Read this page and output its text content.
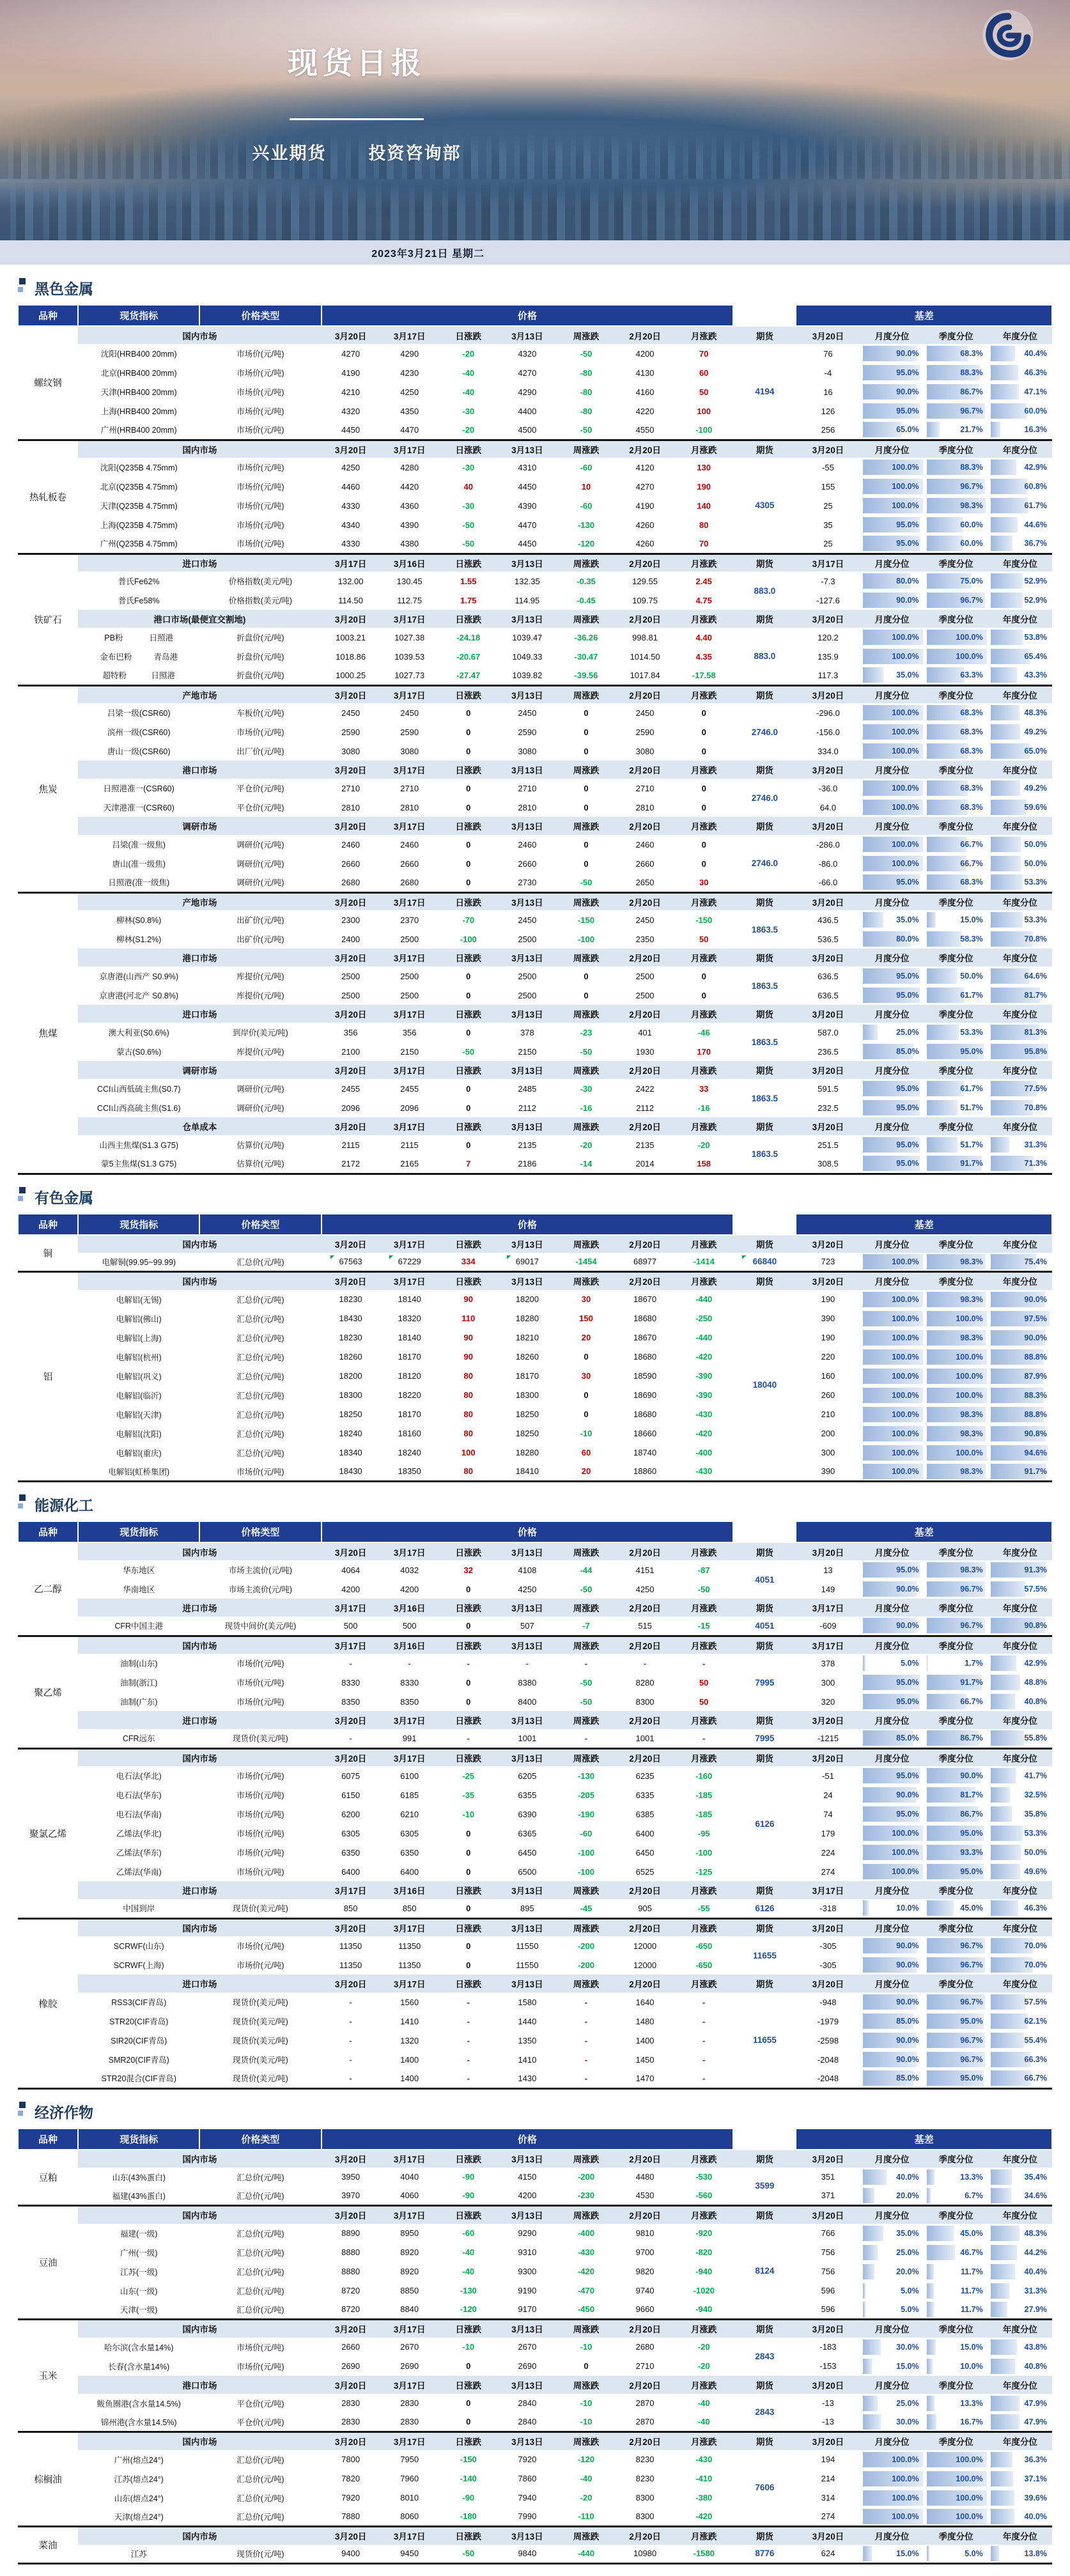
现货日报
兴业期货 投资咨询部
2023年3月21日 星期二
黑色金属
品种	现货指标	价格类型	价格								基差			
螺纹钢	国内市场		3月20日	3月17日	日涨跌	3月13日	周涨跌	2月20日	月涨跌	期货	3月20日	月度分位	季度分位	年度分位
	沈阳(HRB400 20mm)	市场价(元/吨)	4270	4290	-20	4320	-50	4200	70	4194	76	90.0%	68.3%	40.4%

	北京(HRB400 20mm)	市场价(元/吨)	4190	4230	-40	4270	-80	4130	60		-4	95.0%	88.3%	46.3%

	天津(HRB400 20mm)	市场价(元/吨)	4210	4250	-40	4290	-80	4160	50		16	90.0%	86.7%	47.1%

	上海(HRB400 20mm)	市场价(元/吨)	4320	4350	-30	4400	-80	4220	100		126	95.0%	96.7%	60.0%

	广州(HRB400 20mm)	市场价(元/吨)	4450	4470	-20	4500	-50	4550	-100		256	65.0%	21.7%	16.3%

热轧板卷	国内市场		3月20日	3月17日	日涨跌	3月13日	周涨跌	2月20日	月涨跌	期货	3月20日	月度分位	季度分位	年度分位
	沈阳(Q235B 4.75mm)	市场价(元/吨)	4250	4280	-30	4310	-60	4120	130	4305	-55	100.0%	88.3%	42.9%

	北京(Q235B 4.75mm)	市场价(元/吨)	4460	4420	40	4450	10	4270	190		155	100.0%	96.7%	60.8%

	天津(Q235B 4.75mm)	市场价(元/吨)	4330	4360	-30	4390	-60	4190	140		25	100.0%	98.3%	61.7%

	上海(Q235B 4.75mm)	市场价(元/吨)	4340	4390	-50	4470	-130	4260	80		35	95.0%	60.0%	44.6%

	广州(Q235B 4.75mm)	市场价(元/吨)	4330	4380	-50	4450	-120	4260	70		25	95.0%	60.0%	36.7%

铁矿石	进口市场		3月17日	3月16日	日涨跌	3月13日	周涨跌	2月20日	月涨跌	期货	3月17日	月度分位	季度分位	年度分位
	普氏Fe62%	价格指数(美元/吨)	132.00	130.45	1.55	132.35	-0.35	129.55	2.45	883.0	-7.3	80.0%	75.0%	52.9%

	普氏Fe58%	价格指数(美元/吨)	114.50	112.75	1.75	114.95	-0.45	109.75	4.75		-127.6	90.0%	96.7%	52.9%

	港口市场(最便宜交割地)		3月20日	3月17日	日涨跌	3月13日	周涨跌	2月20日	月涨跌	期货	3月20日	月度分位	季度分位	年度分位

	PB粉 日照港	折盘价(元/吨)	1003.21	1027.38	-24.18	1039.47	-36.26	998.81	4.40	883.0	120.2	100.0%	100.0%	53.8%

	金布巴粉 青岛港	折盘价(元/吨)	1018.86	1039.53	-20.67	1049.33	-30.47	1014.50	4.35		135.9	100.0%	100.0%	65.4%

	超特粉 日照港	折盘价(元/吨)	1000.25	1027.73	-27.47	1039.82	-39.56	1017.84	-17.58		117.3	35.0%	63.3%	43.3%

焦炭	产地市场		3月20日	3月17日	日涨跌	3月13日	周涨跌	2月20日	月涨跌	期货	3月20日	月度分位	季度分位	年度分位
	吕梁一级(CSR60)	车板价(元/吨)	2450	2450	0	2450	0	2450	0	2746.0	-296.0	100.0%	68.3%	48.3%

	滨州一级(CSR60)	市场价(元/吨)	2590	2590	0	2590	0	2590	0		-156.0	100.0%	68.3%	49.2%

	唐山一级(CSR60)	出厂价(元/吨)	3080	3080	0	3080	0	3080	0		334.0	100.0%	68.3%	65.0%

	港口市场		3月20日	3月17日	日涨跌	3月13日	周涨跌	2月20日	月涨跌	期货	3月20日	月度分位	季度分位	年度分位
	日照港准一(CSR60)	平仓价(元/吨)	2710	2710	0	2710	0	2710	0	2746.0	-36.0	100.0%	68.3%	49.2%

	天津港准一(CSR60)	平仓价(元/吨)	2810	2810	0	2810	0	2810	0		64.0	100.0%	68.3%	59.6%

	调研市场		3月20日	3月17日	日涨跌	3月13日	周涨跌	2月20日	月涨跌	期货	3月20日	月度分位	季度分位	年度分位
	吕梁(准一级焦)	调研价(元/吨)	2460	2460	0	2460	0	2460	0	2746.0	-286.0	100.0%	66.7%	50.0%

	唐山(准一级焦)	调研价(元/吨)	2660	2660	0	2660	0	2660	0		-86.0	100.0%	66.7%	50.0%

	日照港(准一级焦)	调研价(元/吨)	2680	2680	0	2730	-50	2650	30		-66.0	95.0%	68.3%	53.3%

焦煤	产地市场		3月20日	3月17日	日涨跌	3月13日	周涨跌	2月20日	月涨跌	期货	3月20日	月度分位	季度分位	年度分位
	柳林(S0.8%)	出矿价(元/吨)	2300	2370	-70	2450	-150	2450	-150	1863.5	436.5	35.0%	15.0%	53.3%

	柳林(S1.2%)	出矿价(元/吨)	2400	2500	-100	2500	-100	2350	50		536.5	80.0%	58.3%	70.8%

	港口市场		3月20日	3月17日	日涨跌	3月13日	周涨跌	2月20日	月涨跌	期货	3月20日	月度分位	季度分位	年度分位
	京唐港(山西产 S0.9%)	库提价(元/吨)	2500	2500	0	2500	0	2500	0	1863.5	636.5	95.0%	50.0%	64.6%

	京唐港(河北产 S0.8%)	库提价(元/吨)	2500	2500	0	2500	0	2500	0		636.5	95.0%	61.7%	81.7%

	进口市场		3月20日	3月17日	日涨跌	3月13日	周涨跌	2月20日	月涨跌	期货	3月20日	月度分位	季度分位	年度分位
	澳大利亚(S0.6%)	到岸价(美元/吨)	356	356	0	378	-23	401	-46	1863.5	587.0	25.0%	53.3%	81.3%

	蒙古(S0.6%)	库提价(元/吨)	2100	2150	-50	2150	-50	1930	170		236.5	85.0%	95.0%	95.8%

	调研市场		3月20日	3月17日	日涨跌	3月13日	周涨跌	2月20日	月涨跌	期货	3月20日	月度分位	季度分位	年度分位
	CCI山西低硫主焦(S0.7)	调研价(元/吨)	2455	2455	0	2485	-30	2422	33	1863.5	591.5	95.0%	61.7%	77.5%

	CCI山西高硫主焦(S1.6)	调研价(元/吨)	2096	2096	0	2112	-16	2112	-16		232.5	95.0%	51.7%	70.8%

	仓单成本		3月20日	3月17日	日涨跌	3月13日	周涨跌	2月20日	月涨跌	期货	3月20日	月度分位	季度分位	年度分位
	山西主焦煤(S1.3 G75)	估算价(元/吨)	2115	2115	0	2135	-20	2135	-20	1863.5	251.5	95.0%	51.7%	31.3%

	蒙5主焦煤(S1.3 G75)	估算价(元/吨)	2172	2165	7	2186	-14	2014	158		308.5	95.0%	91.7%	71.3%
有色金属
品种	现货指标	价格类型	价格								基差			
铜	国内市场		3月20日	3月17日	日涨跌	3月13日	周涨跌	2月20日	月涨跌	期货	3月20日	月度分位	季度分位	年度分位
	电解铜(99.95~99.99)	汇总价(元/吨)	67563	67229	334	69017	-1454	68977	-1414	66840	723	100.0%	98.3%	75.4%

铝	国内市场		3月20日	3月17日	日涨跌	3月13日	周涨跌	2月20日	月涨跌	期货	3月20日	月度分位	季度分位	年度分位
	电解铝(无锡)	汇总价(元/吨)	18230	18140	90	18200	30	18670	-440	18040	190	100.0%	98.3%	90.0%

	电解铝(佛山)	汇总价(元/吨)	18430	18320	110	18280	150	18680	-250		390	100.0%	100.0%	97.5%

	电解铝(上海)	汇总价(元/吨)	18230	18140	90	18210	20	18670	-440		190	100.0%	98.3%	90.0%

	电解铝(杭州)	汇总价(元/吨)	18260	18170	90	18260	0	18680	-420		220	100.0%	100.0%	88.8%

	电解铝(巩义)	汇总价(元/吨)	18200	18120	80	18170	30	18590	-390		160	100.0%	100.0%	87.9%

	电解铝(临沂)	汇总价(元/吨)	18300	18220	80	18300	0	18690	-390		260	100.0%	100.0%	88.3%

	电解铝(天津)	汇总价(元/吨)	18250	18170	80	18250	0	18680	-430		210	100.0%	98.3%	88.8%

	电解铝(沈阳)	汇总价(元/吨)	18240	18160	80	18250	-10	18660	-420		200	100.0%	98.3%	90.8%

	电解铝(重庆)	汇总价(元/吨)	18340	18240	100	18280	60	18740	-400		300	100.0%	100.0%	94.6%

	电解铝(虹桥集团)	市场价(元/吨)	18430	18350	80	18410	20	18860	-430		390	100.0%	98.3%	91.7%
能源化工
品种	现货指标	价格类型	价格								基差			
乙二醇	国内市场		3月20日	3月17日	日涨跌	3月13日	周涨跌	2月20日	月涨跌	期货	3月20日	月度分位	季度分位	年度分位
	华东地区	市场主流价(元/吨)	4064	4032	32	4108	-44	4151	-87	4051	13	95.0%	98.3%	91.3%

	华南地区	市场主流价(元/吨)	4200	4200	0	4250	-50	4250	-50		149	90.0%	96.7%	57.5%

	进口市场		3月17日	3月16日	日涨跌	3月13日	周涨跌	2月20日	月涨跌	期货	3月17日	月度分位	季度分位	年度分位
	CFR中国主港	现货中间价(美元/吨)	500	500	0	507	-7	515	-15	4051	-609	90.0%	96.7%	90.8%

聚乙烯	国内市场		3月17日	3月16日	日涨跌	3月13日	周涨跌	2月20日	月涨跌	期货	3月17日	月度分位	季度分位	年度分位
	油制(山东)	市场价(元/吨)	-	-	-	-	-	-	-	7995	378	5.0%	1.7%	42.9%

	油制(浙江)	市场价(元/吨)	8330	8330	0	8380	-50	8280	50		300	95.0%	91.7%	48.8%

	油制(广东)	市场价(元/吨)	8350	8350	0	8400	-50	8300	50		320	95.0%	66.7%	40.8%

	进口市场		3月20日	3月17日	日涨跌	3月13日	周涨跌	2月20日	月涨跌	期货	3月20日	月度分位	季度分位	年度分位
	CFR远东	现货价(美元/吨)	-	991	-	1001	-	1001	-	7995	-1215	85.0%	86.7%	55.8%

聚氯乙烯	国内市场		3月20日	3月17日	日涨跌	3月13日	周涨跌	2月20日	月涨跌	期货	3月20日	月度分位	季度分位	年度分位
	电石法(华北)	市场价(元/吨)	6075	6100	-25	6205	-130	6235	-160	6126	-51	95.0%	90.0%	41.7%

	电石法(华东)	市场价(元/吨)	6150	6185	-35	6355	-205	6335	-185		24	90.0%	81.7%	32.5%

	电石法(华南)	市场价(元/吨)	6200	6210	-10	6390	-190	6385	-185		74	95.0%	86.7%	35.8%

	乙烯法(华北)	市场价(元/吨)	6305	6305	0	6365	-60	6400	-95		179	100.0%	95.0%	53.3%

	乙烯法(华东)	市场价(元/吨)	6350	6350	0	6450	-100	6450	-100		224	100.0%	93.3%	50.0%

	乙烯法(华南)	市场价(元/吨)	6400	6400	0	6500	-100	6525	-125		274	100.0%	95.0%	49.6%

	进口市场		3月17日	3月16日	日涨跌	3月13日	周涨跌	2月20日	月涨跌	期货	3月17日	月度分位	季度分位	年度分位
	中国到岸	现货价(美元/吨)	850	850	0	895	-45	905	-55	6126	-318	10.0%	45.0%	46.3%

橡胶	国内市场		3月20日	3月17日	日涨跌	3月13日	周涨跌	2月20日	月涨跌	期货	3月20日	月度分位	季度分位	年度分位
	SCRWF(山东)	市场价(元/吨)	11350	11350	0	11550	-200	12000	-650	11655	-305	90.0%	96.7%	70.0%

	SCRWF(上海)	市场价(元/吨)	11350	11350	0	11550	-200	12000	-650		-305	90.0%	96.7%	70.0%

	进口市场		3月20日	3月17日	日涨跌	3月13日	周涨跌	2月20日	月涨跌	期货	3月20日	月度分位	季度分位	年度分位
	RSS3(CIF青岛)	现货价(美元/吨)	-	1560	-	1580	-	1640	-	11655	-948	90.0%	96.7%	57.5%

	STR20(CIF青岛)	现货价(美元/吨)	-	1410	-	1440	-	1480	-		-1979	85.0%	95.0%	62.1%

	SIR20(CIF青岛)	现货价(美元/吨)	-	1320	-	1350	-	1400	-		-2598	90.0%	96.7%	55.4%

	SMR20(CIF青岛)	现货价(美元/吨)	-	1400	-	1410	-	1450	-		-2048	90.0%	96.7%	66.3%

	STR20混合(CIF青岛)	现货价(美元/吨)	-	1400	-	1430	-	1470	-		-2048	85.0%	95.0%	66.7%
经济作物
品种	现货指标	价格类型	价格								基差			
豆粕	国内市场		3月20日	3月17日	日涨跌	3月13日	周涨跌	2月20日	月涨跌	期货	3月20日	月度分位	季度分位	年度分位
	山东(43%蛋白)	汇总价(元/吨)	3950	4040	-90	4150	-200	4480	-530	3599	351	40.0%	13.3%	35.4%

	福建(43%蛋白)	汇总价(元/吨)	3970	4060	-90	4200	-230	4530	-560		371	20.0%	6.7%	34.6%

豆油	国内市场		3月20日	3月17日	日涨跌	3月13日	周涨跌	2月20日	月涨跌	期货	3月20日	月度分位	季度分位	年度分位
	福建(一级)	汇总价(元/吨)	8890	8950	-60	9290	-400	9810	-920	8124	766	35.0%	45.0%	48.3%

	广州(一级)	汇总价(元/吨)	8880	8920	-40	9310	-430	9700	-820		756	25.0%	46.7%	44.2%

	江苏(一级)	汇总价(元/吨)	8880	8920	-40	9300	-420	9820	-940		756	20.0%	11.7%	40.4%

	山东(一级)	汇总价(元/吨)	8720	8850	-130	9190	-470	9740	-1020		596	5.0%	11.7%	31.3%

	天津(一级)	汇总价(元/吨)	8720	8840	-120	9170	-450	9660	-940		596	5.0%	11.7%	27.9%

玉米	国内市场		3月20日	3月17日	日涨跌	3月13日	周涨跌	2月20日	月涨跌	期货	3月20日	月度分位	季度分位	年度分位
	哈尔滨(含水量14%)	市场价(元/吨)	2660	2670	-10	2670	-10	2680	-20	2843	-183	30.0%	15.0%	43.8%

	长春(含水量14%)	市场价(元/吨)	2690	2690	0	2690	0	2710	-20		-153	15.0%	10.0%	40.8%

	港口市场		3月20日	3月17日	日涨跌	3月13日	周涨跌	2月20日	月涨跌	期货	3月20日	月度分位	季度分位	年度分位
	鲅鱼圈港(含水量14.5%)	平仓价(元/吨)	2830	2830	0	2840	-10	2870	-40	2843	-13	25.0%	13.3%	47.9%

	锦州港(含水量14.5%)	平仓价(元/吨)	2830	2830	0	2840	-10	2870	-40		-13	30.0%	16.7%	47.9%

棕榈油	国内市场		3月20日	3月17日	日涨跌	3月13日	周涨跌	2月20日	月涨跌	期货	3月20日	月度分位	季度分位	年度分位
	广州(熔点24°)	汇总价(元/吨)	7800	7950	-150	7920	-120	8230	-430	7606	194	100.0%	100.0%	36.3%

	江苏(熔点24°)	汇总价(元/吨)	7820	7960	-140	7860	-40	8230	-410		214	100.0%	100.0%	37.1%

	山东(熔点24°)	汇总价(元/吨)	7920	8010	-90	7940	-20	8300	-380		314	100.0%	100.0%	39.6%

	天津(熔点24°)	汇总价(元/吨)	7880	8060	-180	7990	-110	8300	-420		274	100.0%	100.0%	40.0%

菜油	国内市场		3月20日	3月17日	日涨跌	3月13日	周涨跌	2月20日	月涨跌	期货	3月20日	月度分位	季度分位	年度分位
	江苏	现货价(元/吨)	9400	9450	-50	9840	-440	10980	-1580	8776	624	15.0%	5.0%	13.8%
